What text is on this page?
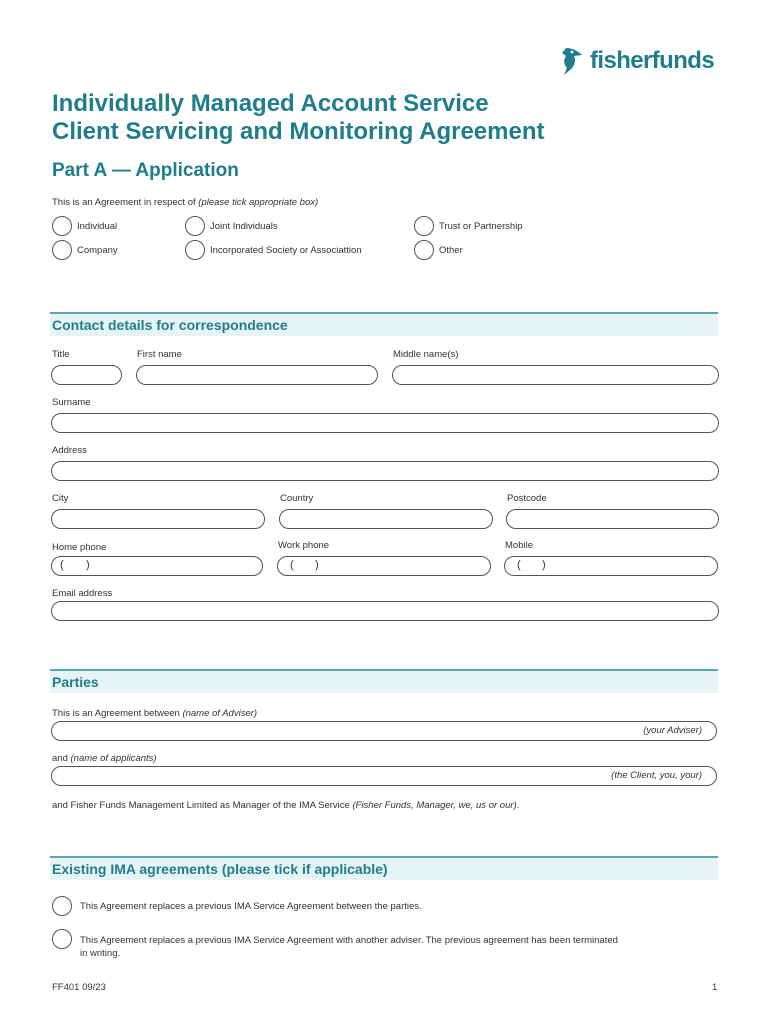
fisherfunds
Individually Managed Account Service
Client Servicing and Monitoring Agreement
Part A — Application
This is an Agreement in respect of (please tick appropriate box)
Individual	Joint Individuals	Trust or Partnership
Company	Incorporated Society or Associattion	Other
Contact details for correspondence
Title	First name	Middle name(s)
Surname
Address
City	Country	Postcode
Home phone	Work phone	Mobile
( )	( )	( )
Email address
Parties
This is an Agreement between (name of Adviser)
(your Adviser)
and (name of applicants)
(the Client, you, your)
and Fisher Funds Management Limited as Manager of the IMA Service (Fisher Funds, Manager, we, us or our).
Existing IMA agreements (please tick if applicable)
This Agreement replaces a previous IMA Service Agreement between the parties.
This Agreement replaces a previous IMA Service Agreement with another adviser. The previous agreement has been terminated
in writing.
FF401 09/23	1
